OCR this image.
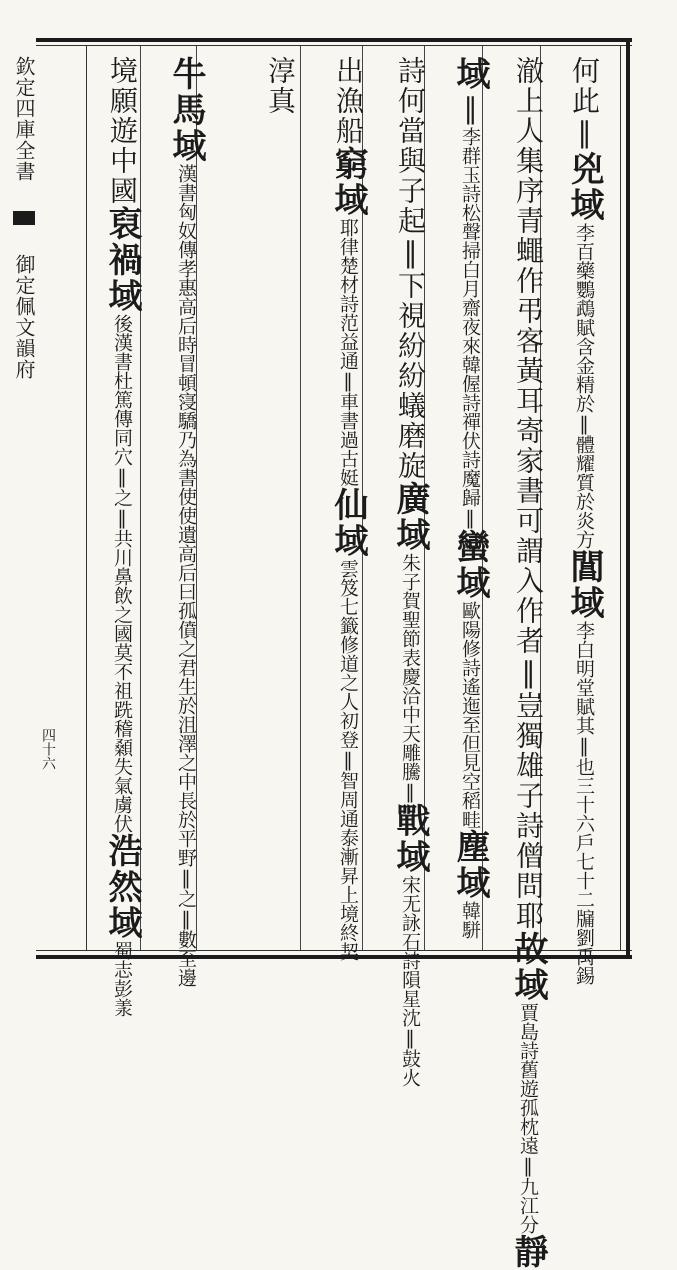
欽定四庫全書  御定佩文韻府
四十六
何此‖兇域李百藥鸚鵡賦含金精於‖體耀質於炎方閶域李白明堂賦其‖也三十六戶七十二牖劉禹錫
澈上人集序青蠅作弔客黃耳寄家書可謂入作者‖豈獨雄子詩僧問耶故域賈島詩舊遊孤枕遠‖九江分靜
域‖李群玉詩松聲掃白月齋夜來韓偓詩禪伏詩魔歸‖蠻域歐陽修詩遙迤至但見空稻畦塵域韓駢
詩何當與子起‖下視紛紛蟻磨旋廣域朱子賀聖節表慶洽中天雕騰‖戰域宋无詠石詩隕星沈‖鼓火
出漁船窮域耶律楚材詩范益通‖車書過古娗仙域雲笈七籤修道之人初登‖智周通泰漸昇上境終契
淳真
牛馬域漢書匈奴傳孝惠高后時冒頓寖驕乃為書使使遺高后曰孤僨之君生於沮澤之中長於平野‖之‖數至邊
境願遊中國裒禍域後漢書杜篤傳同穴‖之‖共川鼻飲之國莫不祖跣稽顙失氣虜伏浩然域蜀志彭羕
